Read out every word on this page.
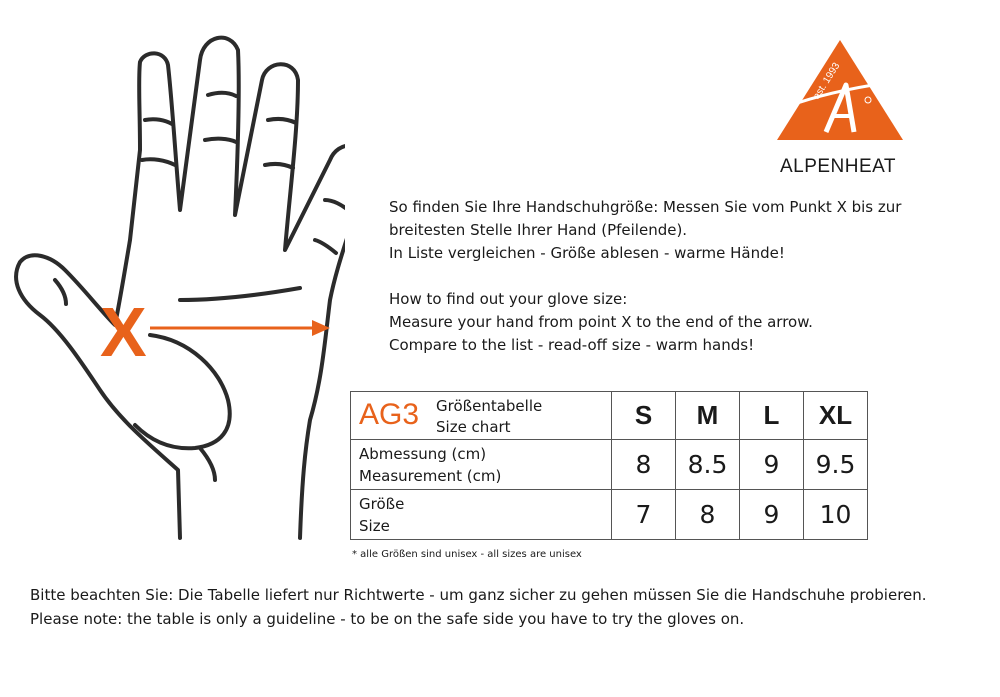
X
est. 1993
ALPENHEAT

So finden Sie Ihre Handschuhgröße: Messen Sie vom Punkt X bis zur

breitesten Stelle Ihrer Hand (Pfeilende).

In Liste vergleichen - Größe ablesen - warme Hände!

How to find out your glove size:

Measure your hand from point X to the end of the arrow.

Compare to the list - read-off size - warm hands!

AG3 Größentabelle
Size chart	S	M	L	XL
Abmessung (cm)
Measurement (cm)	8	8.5	9	9.5
Größe
Size	7	8	9	10
* alle Größen sind unisex - all sizes are unisex

Bitte beachten Sie: Die Tabelle liefert nur Richtwerte - um ganz sicher zu gehen müssen Sie die Handschuhe probieren.

Please note: the table is only a guideline - to be on the safe side you have to try the gloves on.
